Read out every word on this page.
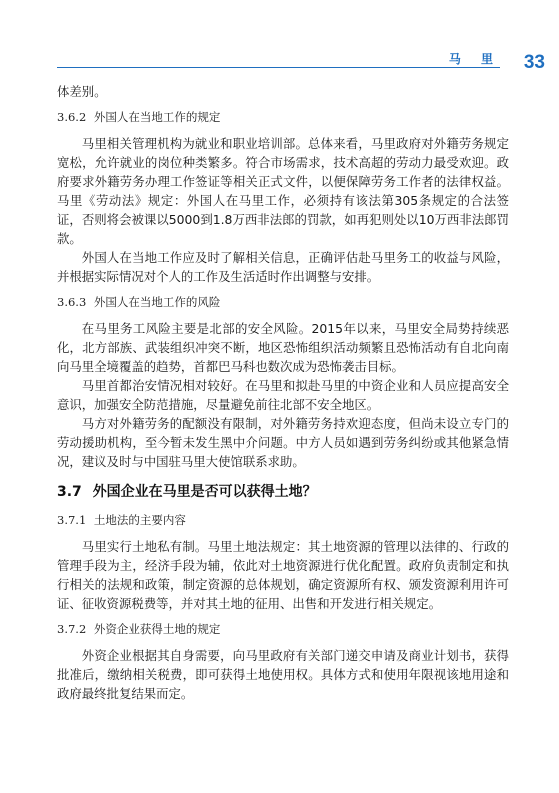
马 里 33

体差别。

3.6.2 外国人在当地工作的规定

马里相关管理机构为就业和职业培训部。总体来看，马里政府对外籍劳务规定宽松，允许就业的岗位种类繁多。符合市场需求，技术高超的劳动力最受欢迎。政府要求外籍劳务办理工作签证等相关正式文件，以便保障劳务工作者的法律权益。马里《劳动法》规定：外国人在马里工作，必须持有该法第305条规定的合法签证，否则将会被课以5000到1.8万西非法郎的罚款，如再犯则处以10万西非法郎罚款。

外国人在当地工作应及时了解相关信息，正确评估赴马里务工的收益与风险，并根据实际情况对个人的工作及生活适时作出调整与安排。

3.6.3 外国人在当地工作的风险

在马里务工风险主要是北部的安全风险。2015年以来，马里安全局势持续恶化，北方部族、武装组织冲突不断，地区恐怖组织活动频繁且恐怖活动有自北向南向马里全境覆盖的趋势，首都巴马科也数次成为恐怖袭击目标。

马里首都治安情况相对较好。在马里和拟赴马里的中资企业和人员应提高安全意识，加强安全防范措施，尽量避免前往北部不安全地区。

马方对外籍劳务的配额没有限制，对外籍劳务持欢迎态度，但尚未设立专门的劳动援助机构，至今暂未发生黑中介问题。中方人员如遇到劳务纠纷或其他紧急情况，建议及时与中国驻马里大使馆联系求助。

3.7 外国企业在马里是否可以获得土地？
3.7.1 土地法的主要内容

马里实行土地私有制。马里土地法规定：其土地资源的管理以法律的、行政的管理手段为主，经济手段为辅，依此对土地资源进行优化配置。政府负责制定和执行相关的法规和政策，制定资源的总体规划，确定资源所有权、颁发资源利用许可证、征收资源税费等，并对其土地的征用、出售和开发进行相关规定。

3.7.2 外资企业获得土地的规定

外资企业根据其自身需要，向马里政府有关部门递交申请及商业计划书，获得批准后，缴纳相关税费，即可获得土地使用权。具体方式和使用年限视该地用途和政府最终批复结果而定。
